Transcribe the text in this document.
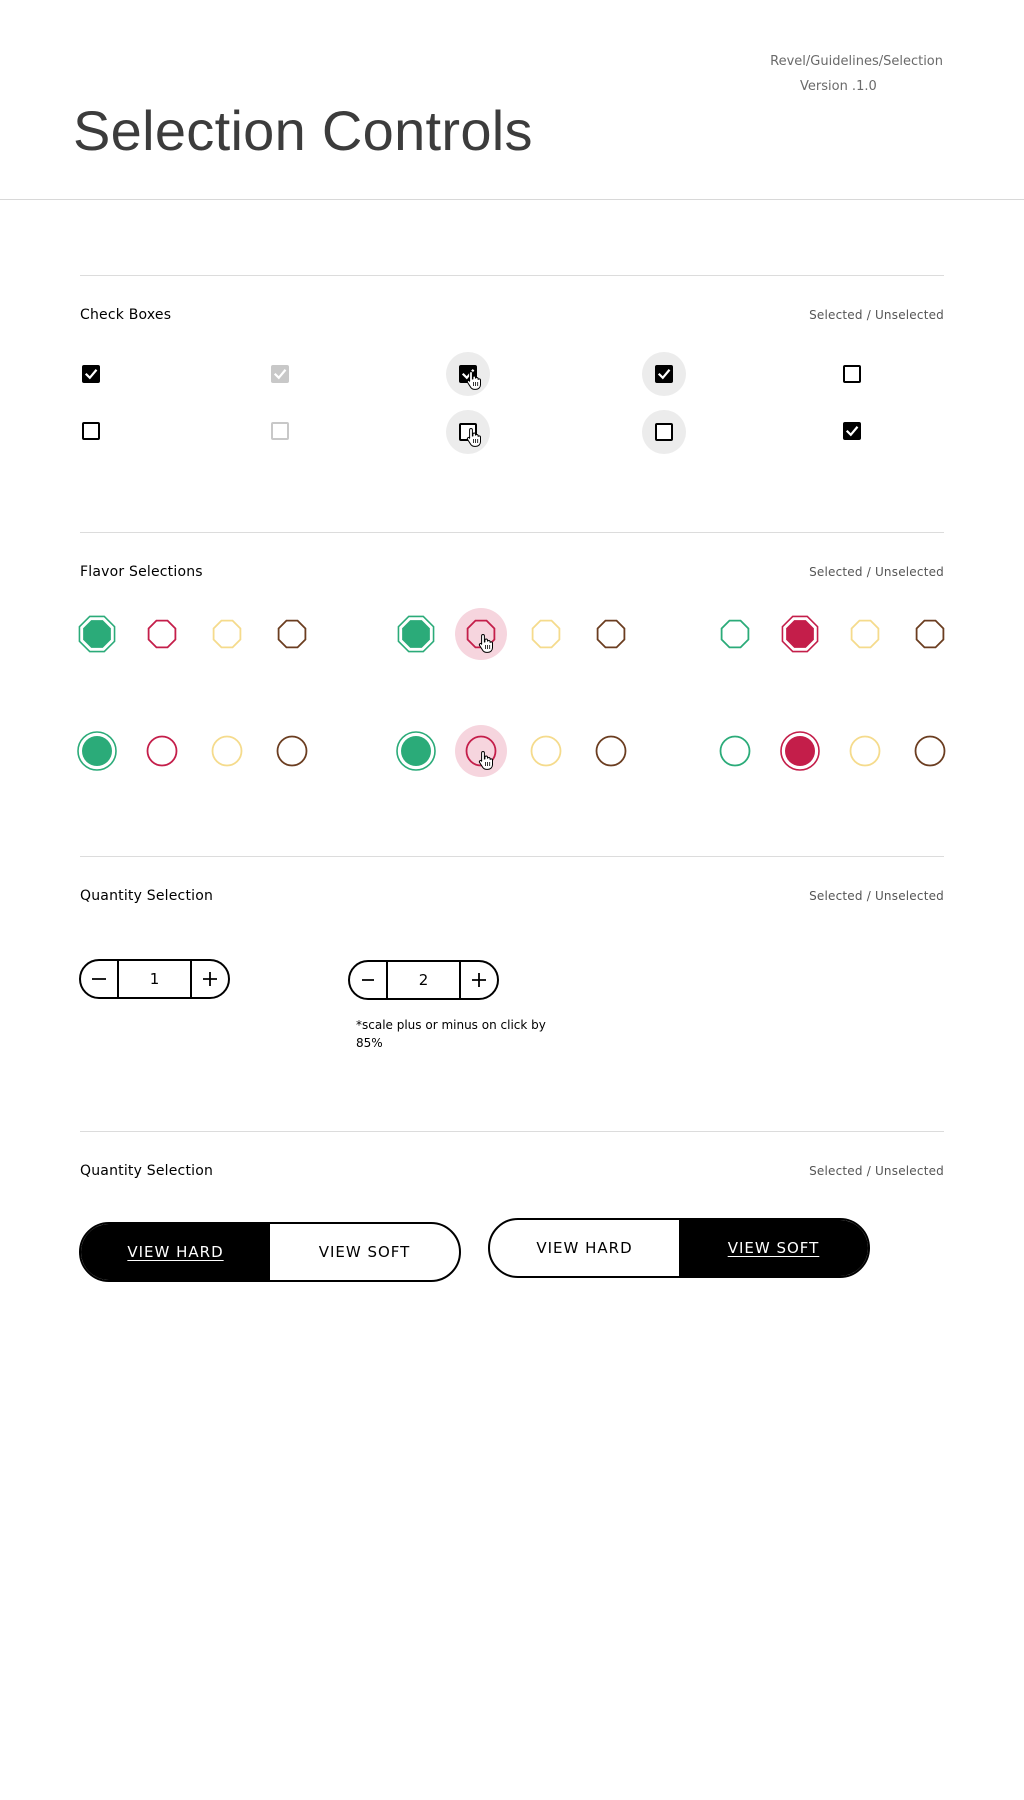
Revel/Guidelines/Selection
Version .1.0
Selection Controls
Check Boxes	Selected / Unselected
Flavor Selections	Selected / Unselected
Quantity Selection	Selected / Unselected
1	2
*scale plus or minus on click by 85%
Quantity Selection	Selected / Unselected
VIEW HARD	VIEW SOFT	VIEW HARD	VIEW SOFT
